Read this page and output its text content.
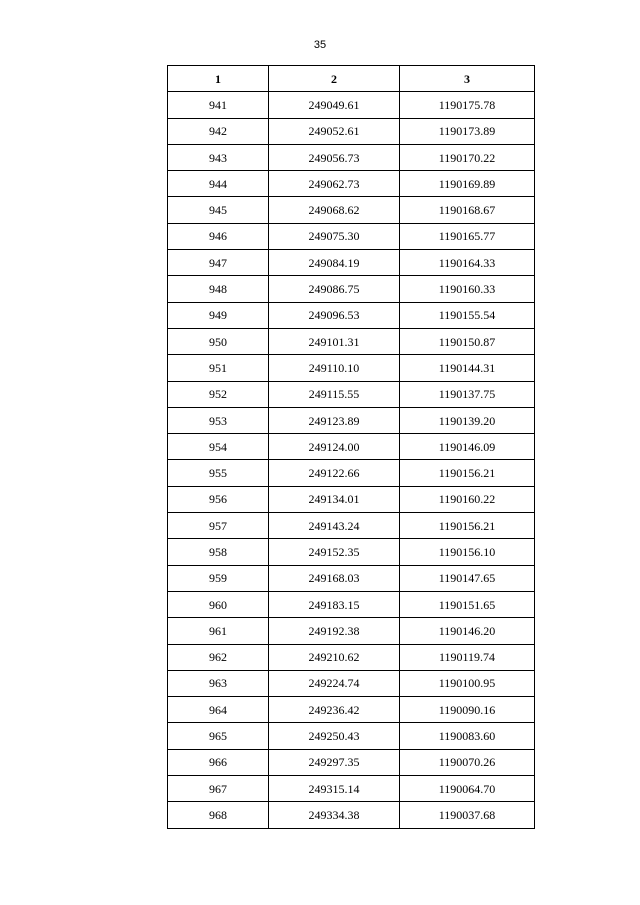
35
1	2	3
941	249049.61	1190175.78
942	249052.61	1190173.89
943	249056.73	1190170.22
944	249062.73	1190169.89
945	249068.62	1190168.67
946	249075.30	1190165.77
947	249084.19	1190164.33
948	249086.75	1190160.33
949	249096.53	1190155.54
950	249101.31	1190150.87
951	249110.10	1190144.31
952	249115.55	1190137.75
953	249123.89	1190139.20
954	249124.00	1190146.09
955	249122.66	1190156.21
956	249134.01	1190160.22
957	249143.24	1190156.21
958	249152.35	1190156.10
959	249168.03	1190147.65
960	249183.15	1190151.65
961	249192.38	1190146.20
962	249210.62	1190119.74
963	249224.74	1190100.95
964	249236.42	1190090.16
965	249250.43	1190083.60
966	249297.35	1190070.26
967	249315.14	1190064.70
968	249334.38	1190037.68
